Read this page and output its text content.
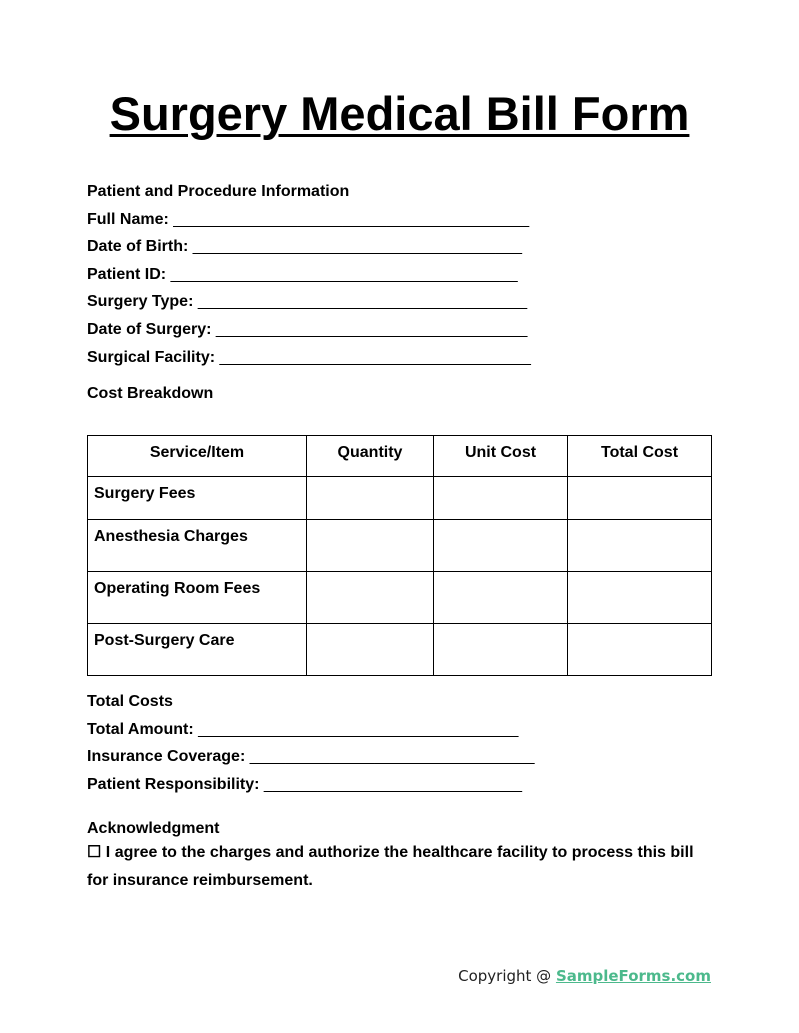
Surgery Medical Bill Form
Patient and Procedure Information
Full Name: ________________________________________
Date of Birth: _____________________________________
Patient ID: _______________________________________
Surgery Type: _____________________________________
Date of Surgery: ___________________________________
Surgical Facility: ___________________________________
Cost Breakdown
Service/Item	Quantity	Unit Cost	Total Cost
Surgery Fees			
Anesthesia Charges			
Operating Room Fees			
Post-Surgery Care			
Total Costs
Total Amount: ____________________________________
Insurance Coverage: ________________________________
Patient Responsibility: _____________________________
Acknowledgment
☐ I agree to the charges and authorize the healthcare facility to process this bill for insurance reimbursement.
Copyright @ SampleForms.com
